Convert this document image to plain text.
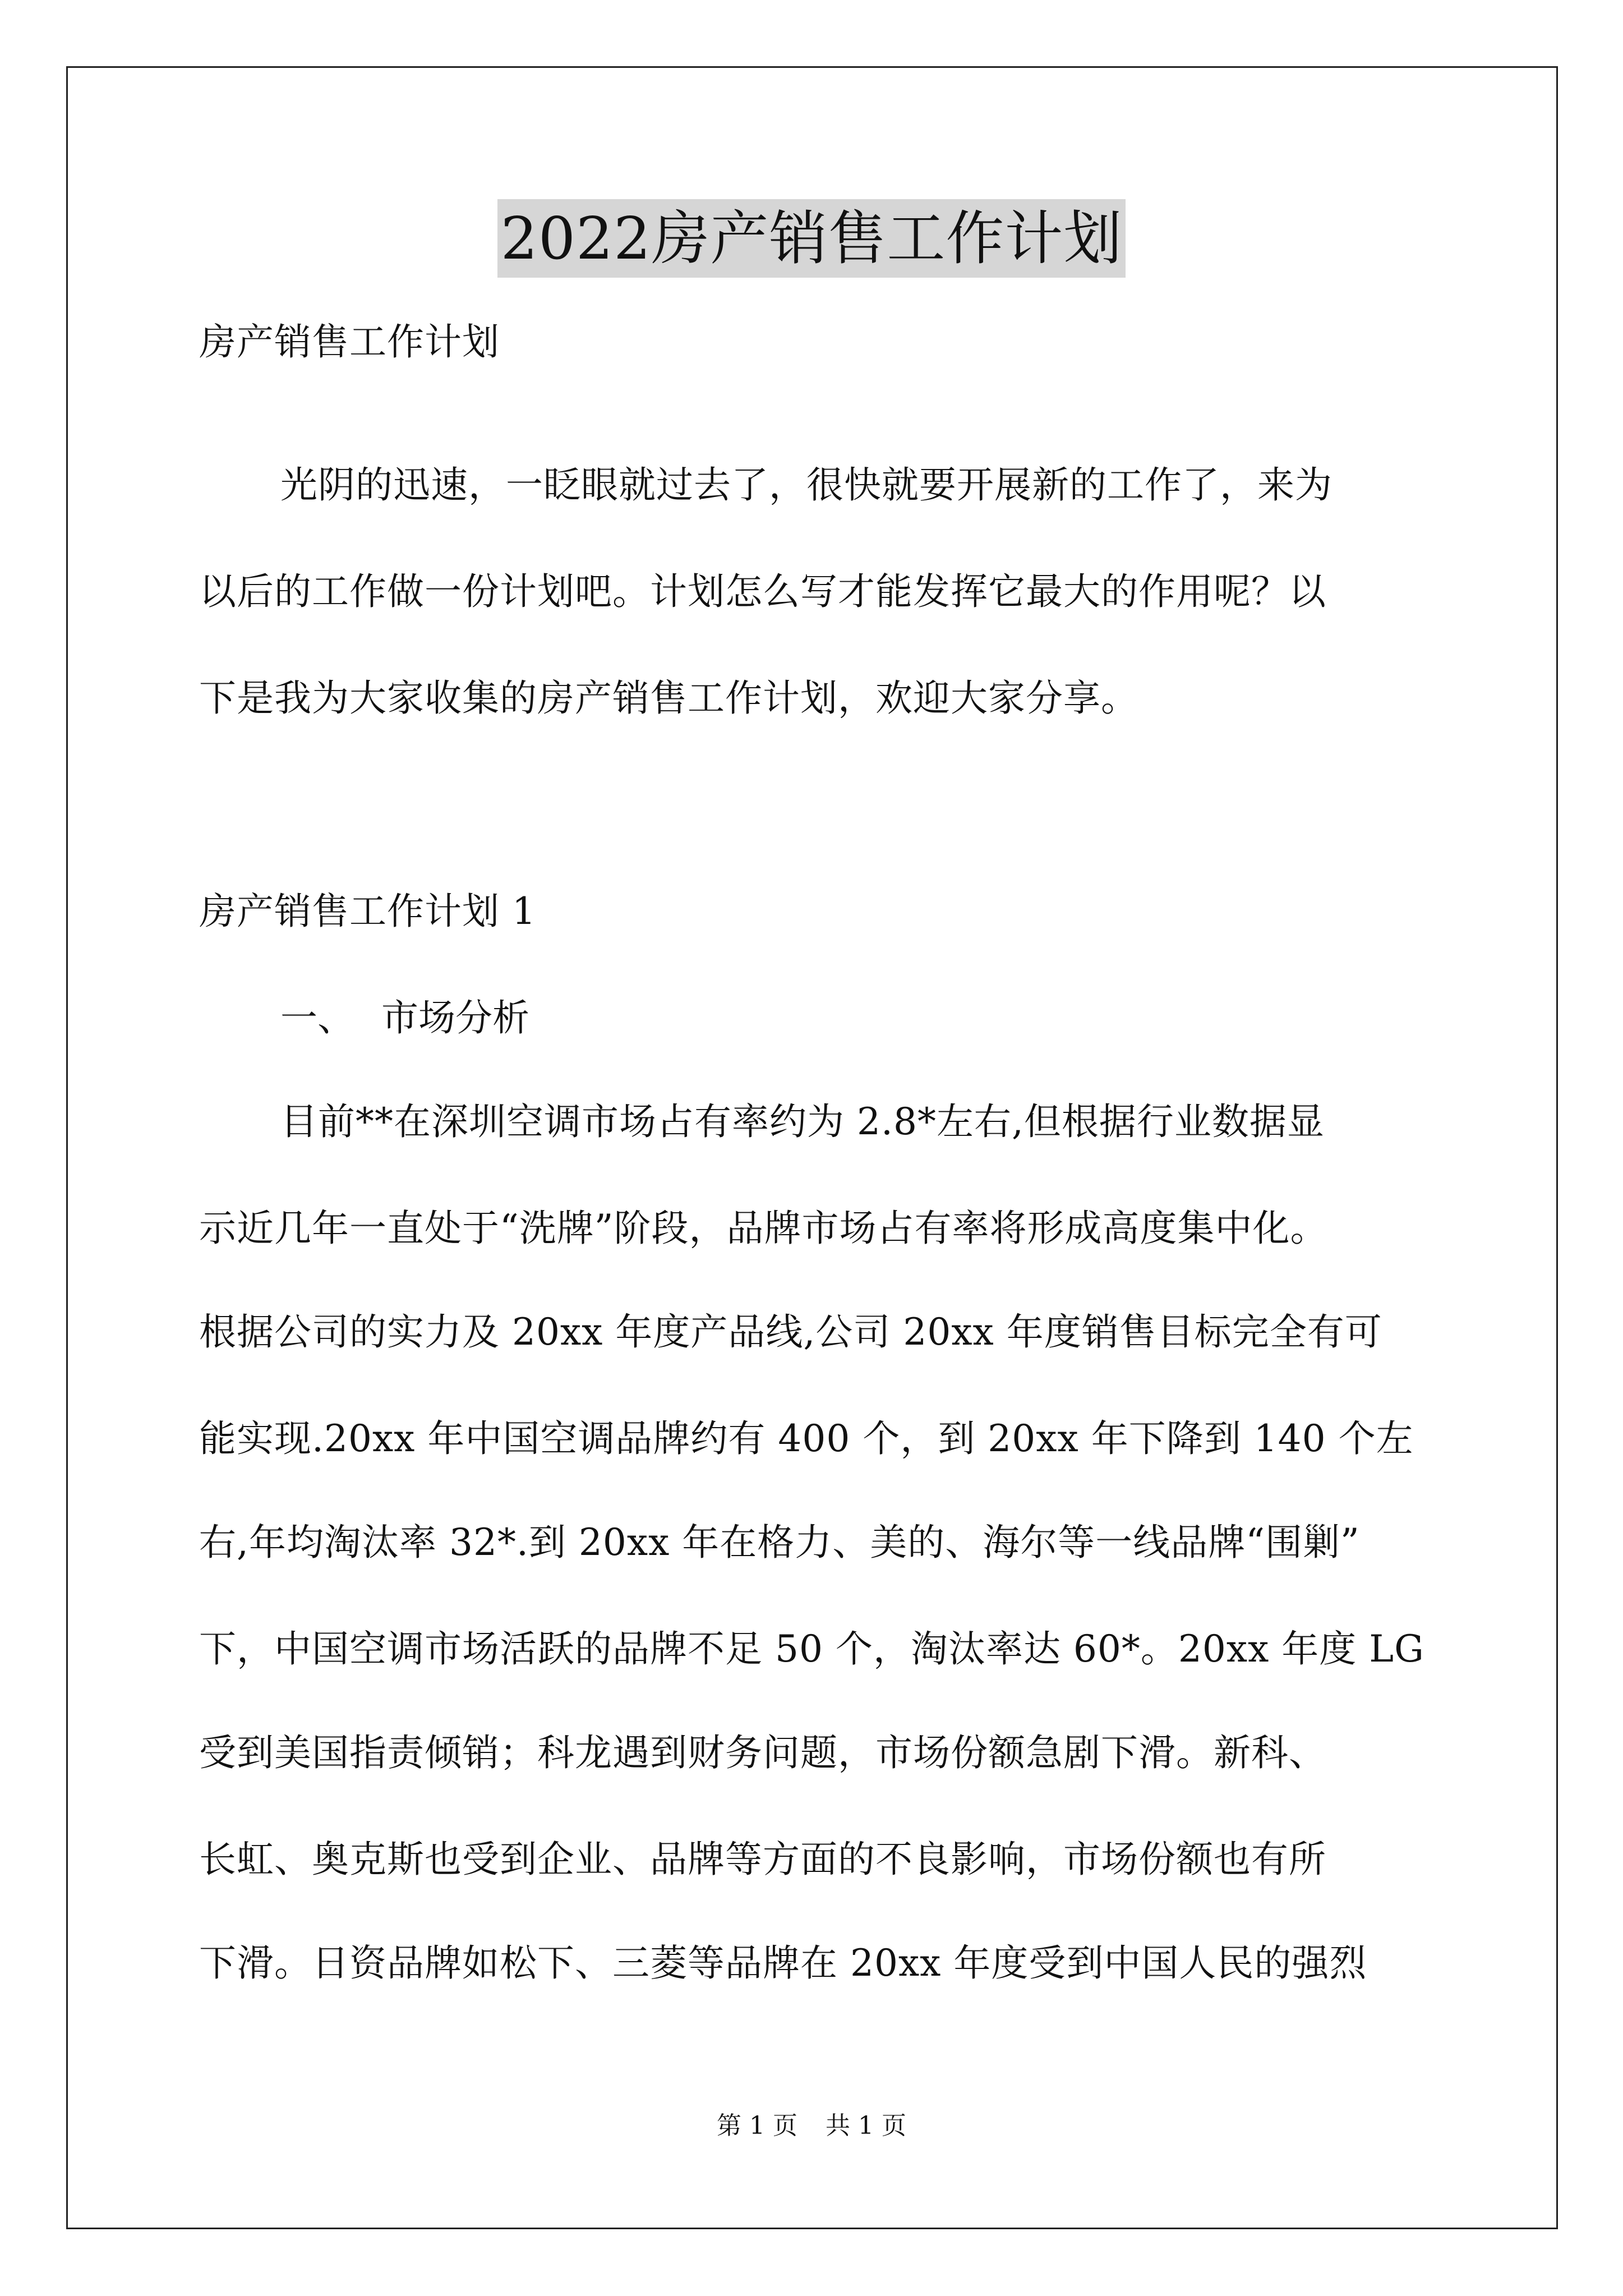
2022房产销售工作计划
房产销售工作计划
光阴的迅速，一眨眼就过去了，很快就要开展新的工作了，来为
以后的工作做一份计划吧。计划怎么写才能发挥它最大的作用呢？以
下是我为大家收集的房产销售工作计划，欢迎大家分享。
房产销售工作计划 1
一、 市场分析
目前**在深圳空调市场占有率约为 2.8*左右,但根据行业数据显
示近几年一直处于“洗牌”阶段，品牌市场占有率将形成高度集中化。
根据公司的实力及 20xx 年度产品线,公司 20xx 年度销售目标完全有可
能实现.20xx 年中国空调品牌约有 400 个，到 20xx 年下降到 140 个左
右,年均淘汰率 32*.到 20xx 年在格力、美的、海尔等一线品牌“围剿”
下，中国空调市场活跃的品牌不足 50 个，淘汰率达 60*。20xx 年度 LG
受到美国指责倾销；科龙遇到财务问题，市场份额急剧下滑。新科、
长虹、奥克斯也受到企业、品牌等方面的不良影响，市场份额也有所
下滑。日资品牌如松下、三菱等品牌在 20xx 年度受到中国人民的强烈
第 1 页 共 1 页
